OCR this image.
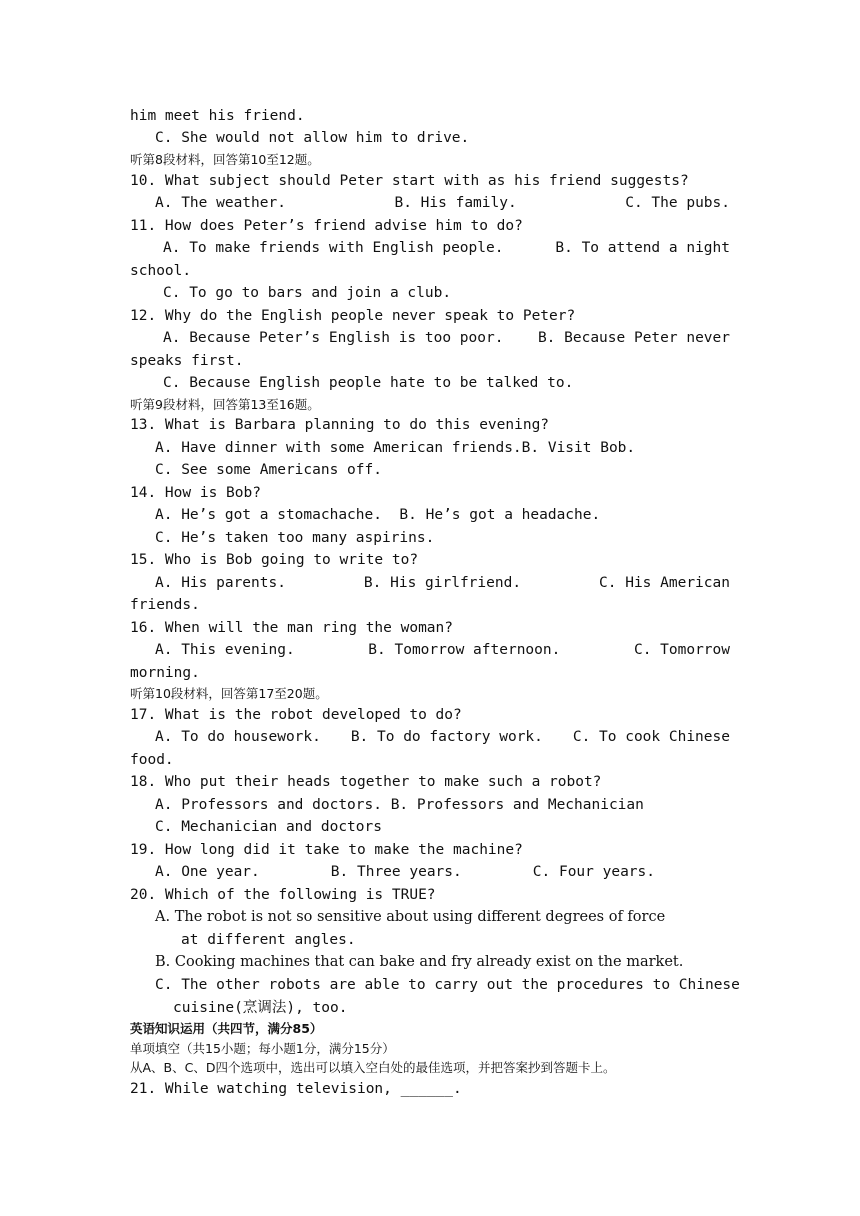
him meet his friend.
C. She would not allow him to drive.
听第8段材料，回答第10至12题。
10. What subject should Peter start with as his friend suggests?
A. The weather.	B. His family.	C. The pubs.
11. How does Peter’s friend advise him to do?
A. To make friends with English people.	B. To attend a night
school.
C. To go to bars and join a club.
12. Why do the English people never speak to Peter?
A. Because Peter’s English is too poor. B. Because Peter never
speaks first.
C. Because English people hate to be talked to.
听第9段材料，回答第13至16题。
13. What is Barbara planning to do this evening?
A. Have dinner with some American friends.B. Visit Bob.
C. See some Americans off.
14. How is Bob?
A. He’s got a stomachache.  B. He’s got a headache.
C. He’s taken too many aspirins.
15. Who is Bob going to write to?
A. His parents.	B. His girlfriend.	C. His American
friends.
16. When will the man ring the woman?
A. This evening.	B. Tomorrow afternoon.	C. Tomorrow
morning.
听第10段材料，回答第17至20题。
17. What is the robot developed to do?
A. To do housework. B. To do factory work. C. To cook Chinese
food.
18. Who put their heads together to make such a robot?
A. Professors and doctors. B. Professors and Mechanician
C. Mechanician and doctors
19. How long did it take to make the machine?
A. One year.	B. Three years.	C. Four years.
20. Which of the following is TRUE?
A. The robot is not so sensitive about using different degrees of force
at different angles.
B. Cooking machines that can bake and fry already exist on the market.
C. The other robots are able to carry out the procedures to Chinese
cuisine(烹调法), too.
英语知识运用（共四节，满分85）
单项填空（共15小题；每小题1分，满分15分）
从A、B、C、D四个选项中，选出可以填入空白处的最佳选项，并把答案抄到答题卡上。
21. While watching television, ______.
